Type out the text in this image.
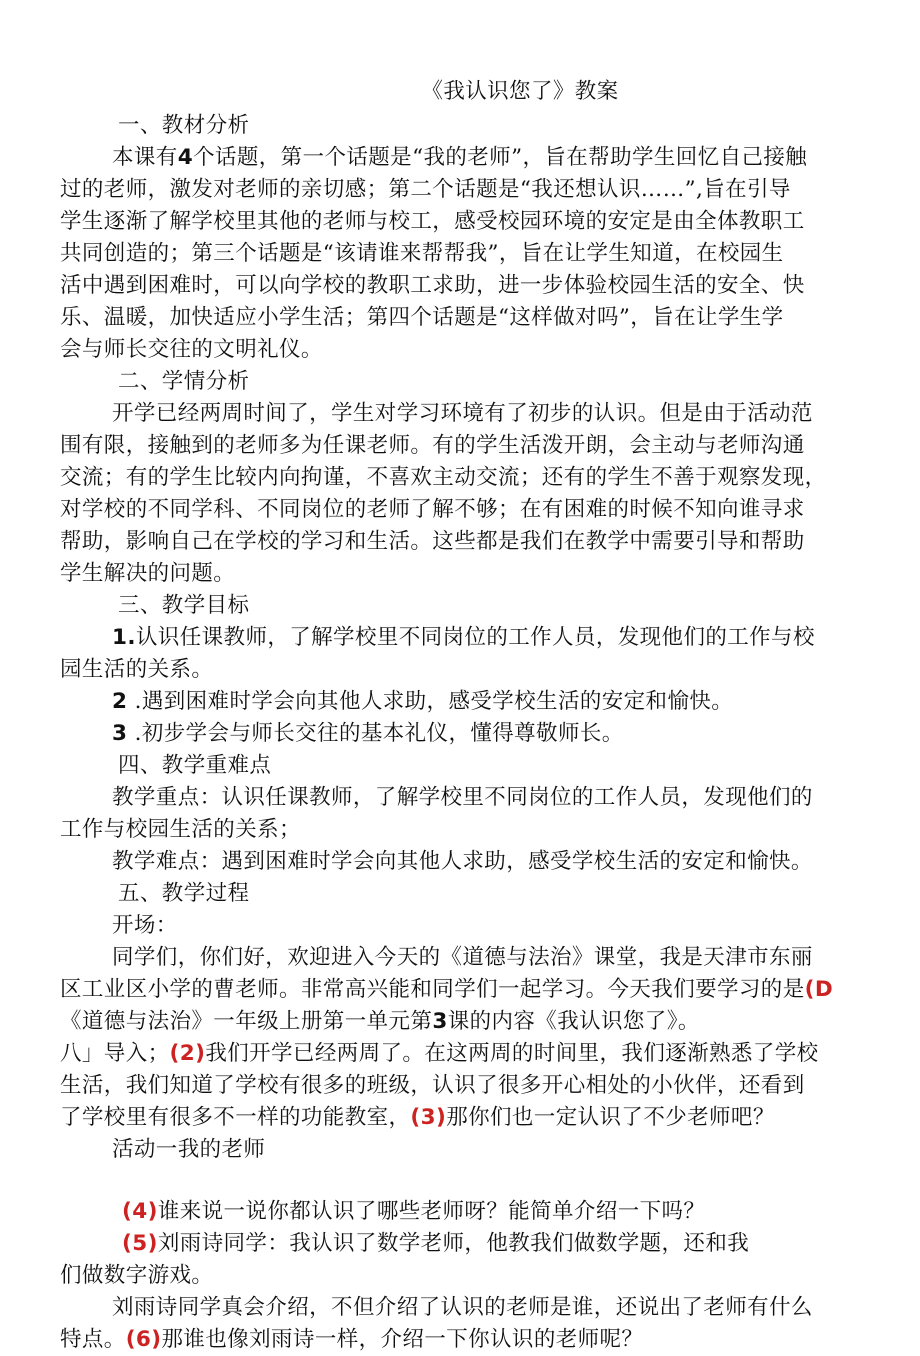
《我认识您了》教案
一、教材分析
本课有4个话题，第一个话题是“我的老师”，旨在帮助学生回忆自己接触
过的老师，激发对老师的亲切感；第二个话题是“我还想认识……”,旨在引导
学生逐渐了解学校里其他的老师与校工，感受校园环境的安定是由全体教职工
共同创造的；第三个话题是“该请谁来帮帮我”，旨在让学生知道，在校园生
活中遇到困难时，可以向学校的教职工求助，进一步体验校园生活的安全、快
乐、温暖，加快适应小学生活；第四个话题是“这样做对吗”，旨在让学生学
会与师长交往的文明礼仪。
二、学情分析
开学已经两周时间了，学生对学习环境有了初步的认识。但是由于活动范
围有限，接触到的老师多为任课老师。有的学生活泼开朗，会主动与老师沟通
交流；有的学生比较内向拘谨，不喜欢主动交流；还有的学生不善于观察发现，
对学校的不同学科、不同岗位的老师了解不够；在有困难的时候不知向谁寻求
帮助，影响自己在学校的学习和生活。这些都是我们在教学中需要引导和帮助
学生解决的问题。
三、教学目标
1.认识任课教师，了解学校里不同岗位的工作人员，发现他们的工作与校
园生活的关系。
2 .遇到困难时学会向其他人求助，感受学校生活的安定和愉快。
3 .初步学会与师长交往的基本礼仪，懂得尊敬师长。
四、教学重难点
教学重点：认识任课教师，了解学校里不同岗位的工作人员，发现他们的
工作与校园生活的关系；
教学难点：遇到困难时学会向其他人求助，感受学校生活的安定和愉快。
五、教学过程
开场：
同学们，你们好，欢迎进入今天的《道德与法治》课堂，我是天津市东丽
区工业区小学的曹老师。非常高兴能和同学们一起学习。今天我们要学习的是(D
《道德与法治》一年级上册第一单元第3课的内容《我认识您了》。
八」导入；(2)我们开学已经两周了。在这两周的时间里，我们逐渐熟悉了学校
生活，我们知道了学校有很多的班级，认识了很多开心相处的小伙伴，还看到
了学校里有很多不一样的功能教室，(3)那你们也一定认识了不少老师吧？
活动一我的老师
(4)谁来说一说你都认识了哪些老师呀？能简单介绍一下吗？
(5)刘雨诗同学：我认识了数学老师，他教我们做数学题，还和我
们做数字游戏。
刘雨诗同学真会介绍，不但介绍了认识的老师是谁，还说出了老师有什么
特点。(6)那谁也像刘雨诗一样，介绍一下你认识的老师呢？
